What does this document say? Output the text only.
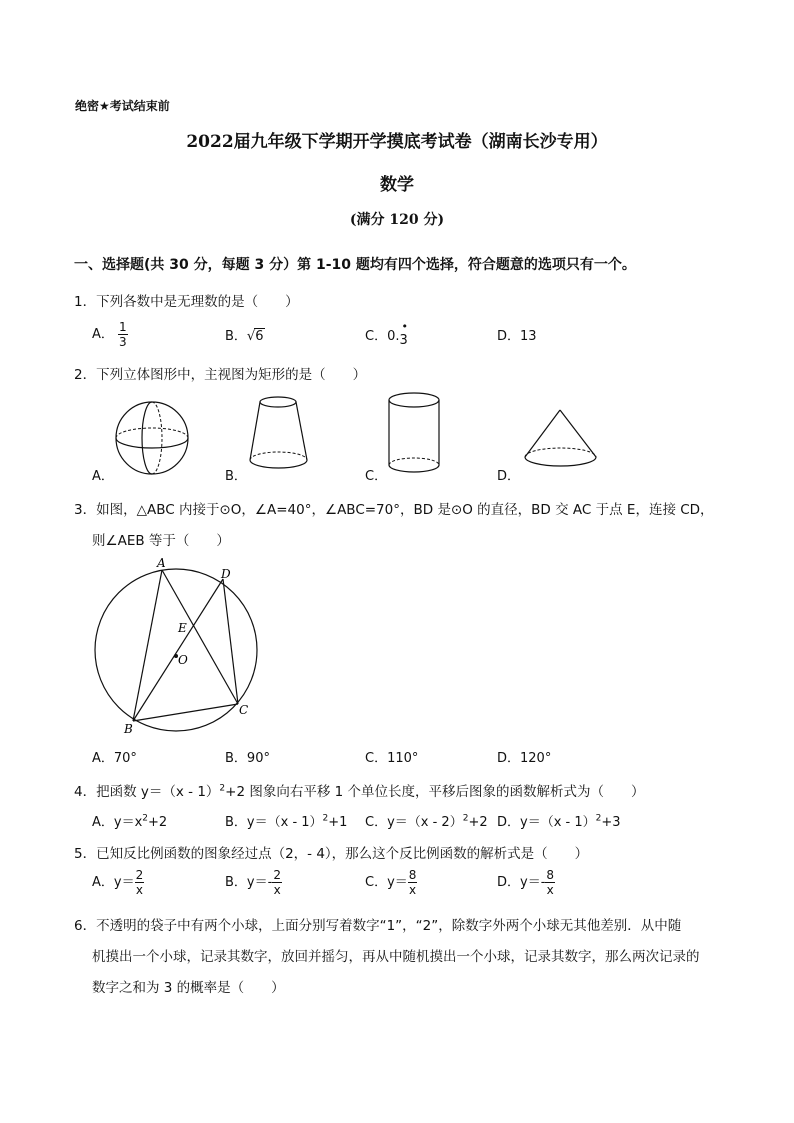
绝密★考试结束前
2022届九年级下学期开学摸底考试卷（湖南长沙专用）
数学
(满分 120 分)
一、选择题(共 30 分，每题 3 分）第 1-10 题均有四个选择，符合题意的选项只有一个。
1．下列各数中是无理数的是（　　）
A． $\frac{1}{3}$	B．√6	C．0.
•
3	D．13
2．下列立体图形中，主视图为矩形的是（　　）
A．	B．	C．	D．
3．如图，△ABC 内接于⊙O，∠A=40°，∠ABC=70°，BD 是⊙O 的直径，BD 交 AC 于点 E，连接 CD，
则∠AEB 等于（　　）
A
D
E
O
B
C
A．70°	B．90°	C．110°	D．120°
4．把函数 y＝（x - 1）$^2$+2 图象向右平移 1 个单位长度，平移后图象的函数解析式为（　　）
A．$y=x^2+2$	B．y＝（x - 1）$^2$+1 C．y＝（x - 2）$^2$+2 D．y＝（x - 1）$^2$+3
5．已知反比例函数的图象经过点（2，- 4），那么这个反比例函数的解析式是（　　）
A．$y= \frac{2}{x}$	B．$y=- \frac{2}{x}$	C．$y= \frac{8}{x}$	D．$y=- \frac{8}{x}$
6．不透明的袋子中有两个小球，上面分别写着数字“1”，“2”，除数字外两个小球无其他差别．从中随
机摸出一个小球，记录其数字，放回并摇匀，再从中随机摸出一个小球，记录其数字，那么两次记录的
数字之和为 3 的概率是（　　）
